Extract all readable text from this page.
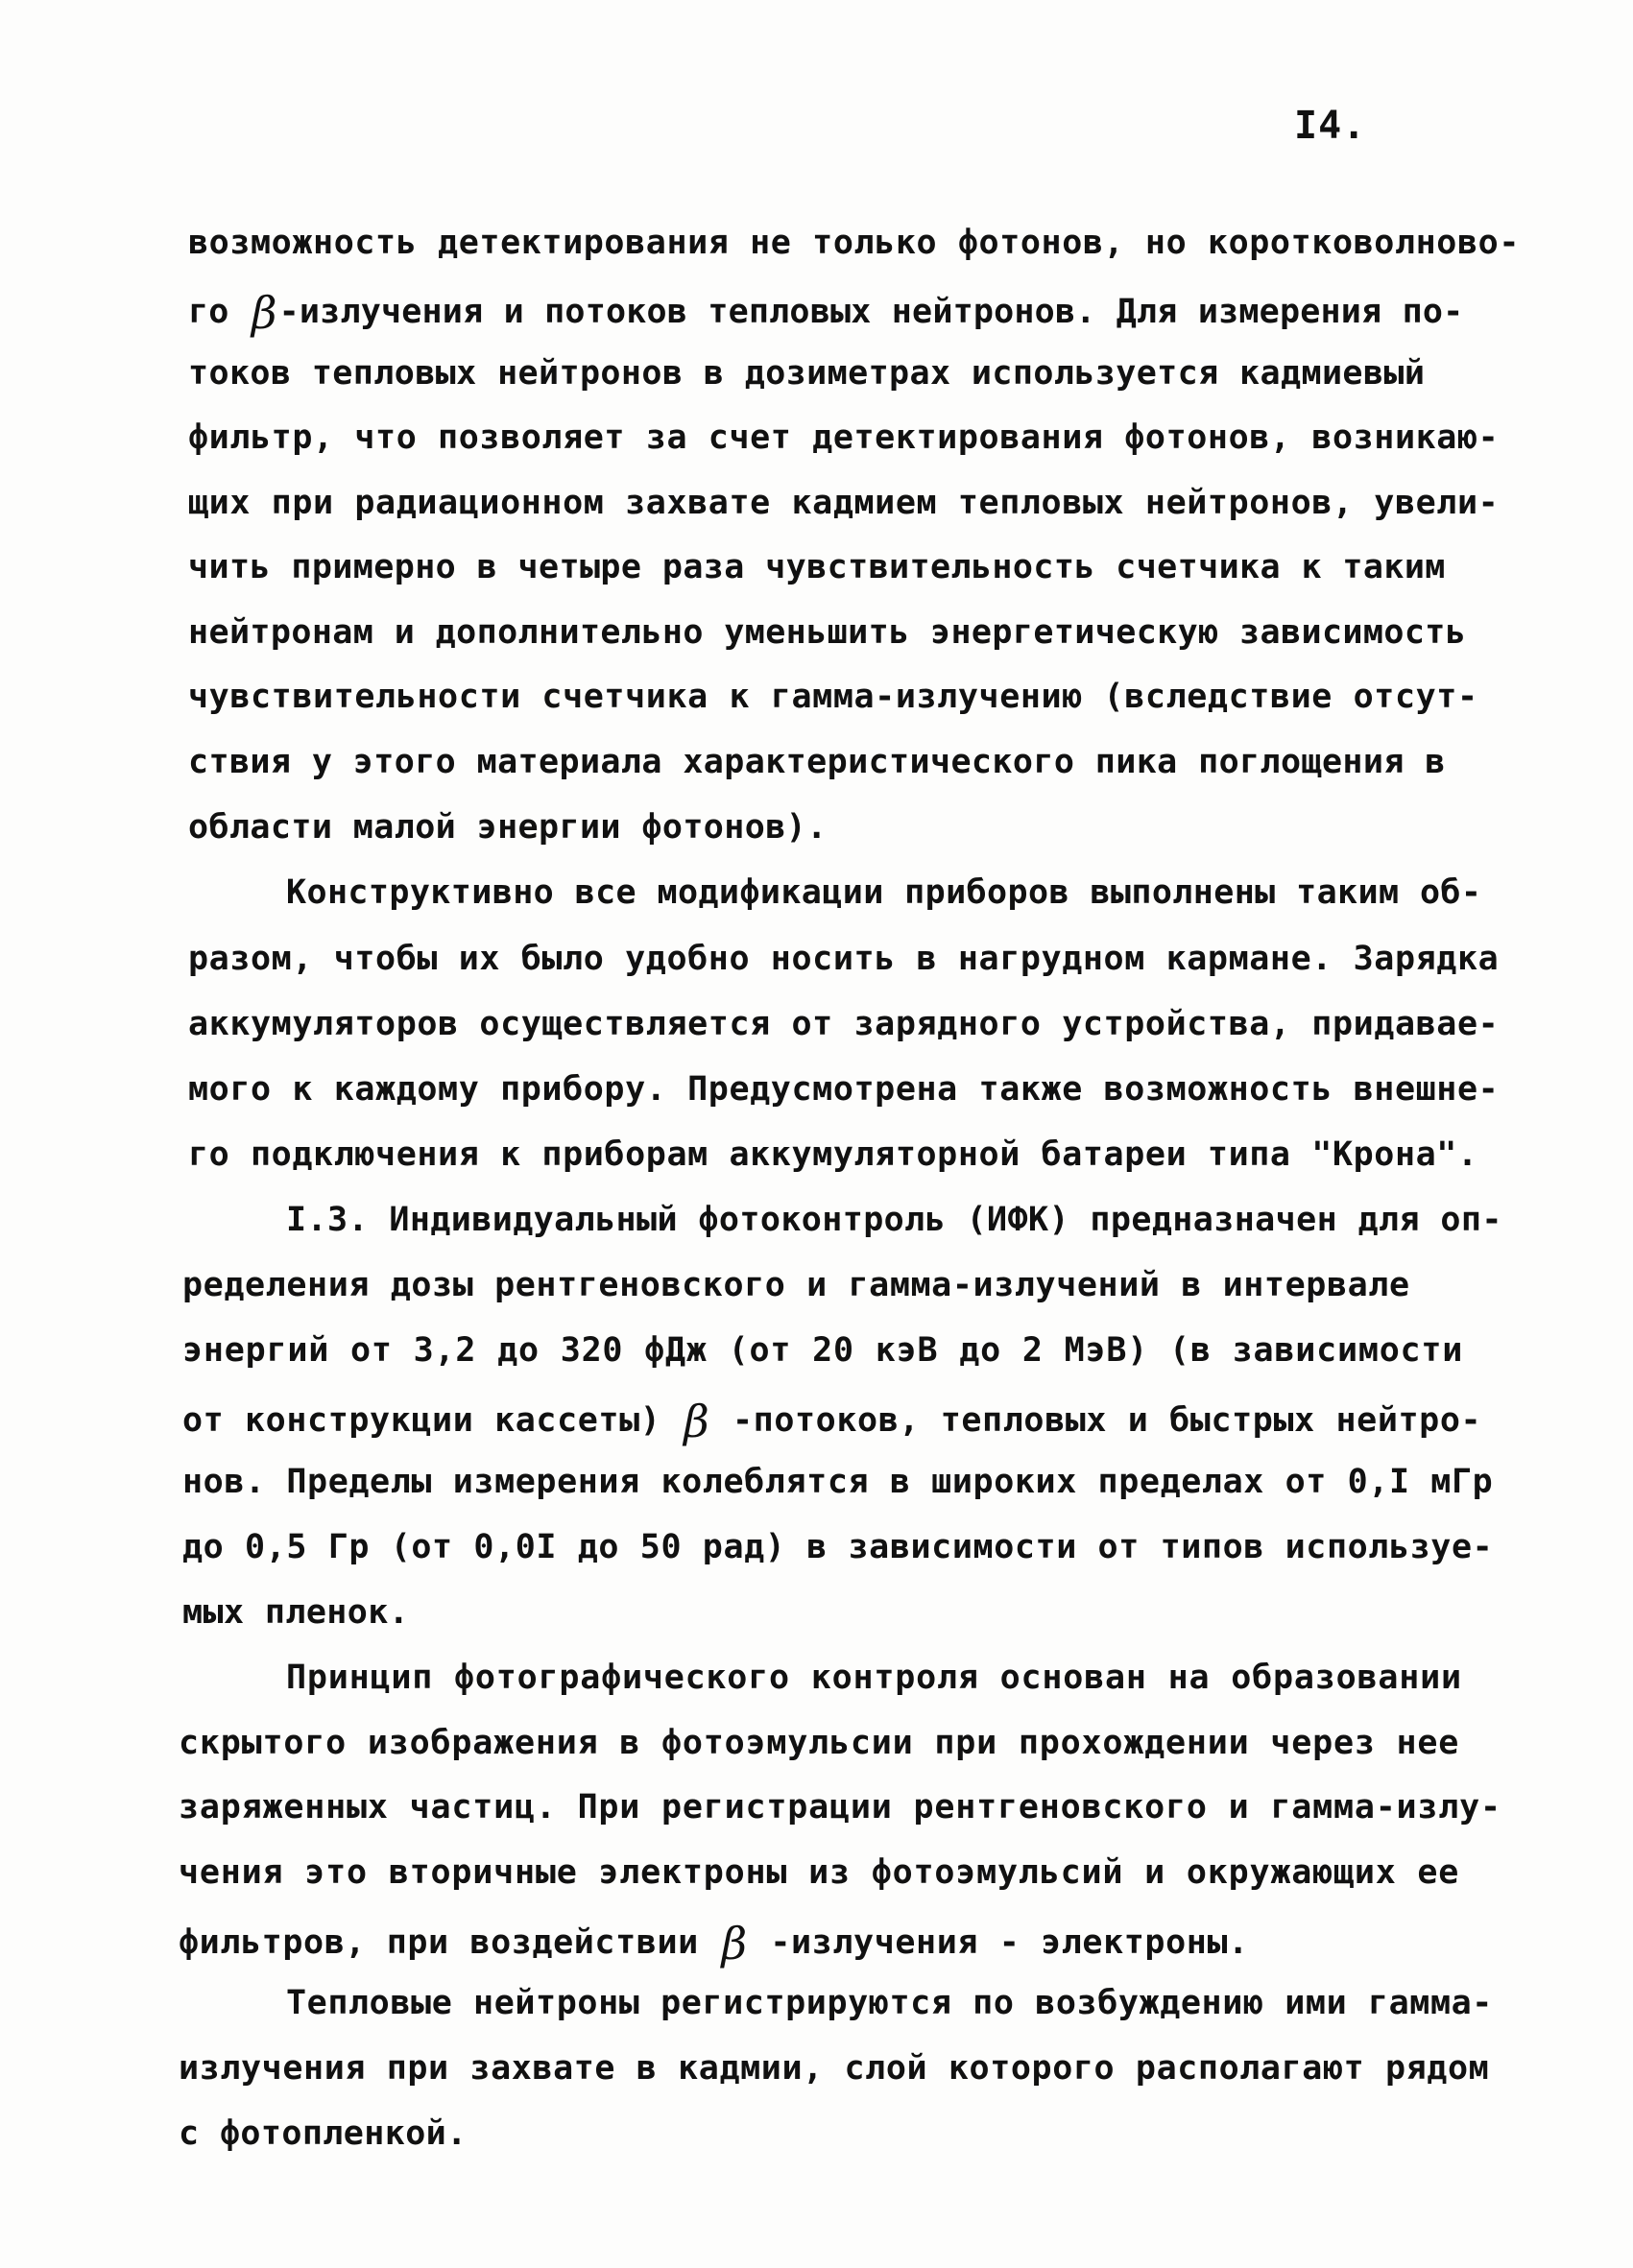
I4.
возможность детектирования не только фотонов, но коротковолново-
го β-излучения и потоков тепловых нейтронов. Для измерения по-
токов тепловых нейтронов в дозиметрах используется кадмиевый
фильтр, что позволяет за счет детектирования фотонов, возникаю-
щих при радиационном захвате кадмием тепловых нейтронов, увели-
чить примерно в четыре раза чувствительность счетчика к таким
нейтронам и дополнительно уменьшить энергетическую зависимость
чувствительности счетчика к гамма-излучению (вследствие отсут-
ствия у этого материала характеристического пика поглощения в
области малой энергии фотонов).
Конструктивно все модификации приборов выполнены таким об-
разом, чтобы их было удобно носить в нагрудном кармане. Зарядка
аккумуляторов осуществляется от зарядного устройства, придавае-
мого к каждому прибору. Предусмотрена также возможность внешне-
го подключения к приборам аккумуляторной батареи типа "Крона".
I.3. Индивидуальный фотоконтроль (ИФК) предназначен для оп-
ределения дозы рентгеновского и гамма-излучений в интервале
энергий от 3,2 до 320 фДж (от 20 кэВ до 2 МэВ) (в зависимости
от конструкции кассеты) β -потоков, тепловых и быстрых нейтро-
нов. Пределы измерения колеблятся в широких пределах от 0,I мГр
до 0,5 Гр (от 0,0I до 50 рад) в зависимости от типов используе-
мых пленок.
Принцип фотографического контроля основан на образовании
скрытого изображения в фотоэмульсии при прохождении через нее
заряженных частиц. При регистрации рентгеновского и гамма-излу-
чения это вторичные электроны из фотоэмульсий и окружающих ее
фильтров, при воздействии β -излучения - электроны.
Тепловые нейтроны регистрируются по возбуждению ими гамма-
излучения при захвате в кадмии, слой которого располагают рядом
с фотопленкой.
